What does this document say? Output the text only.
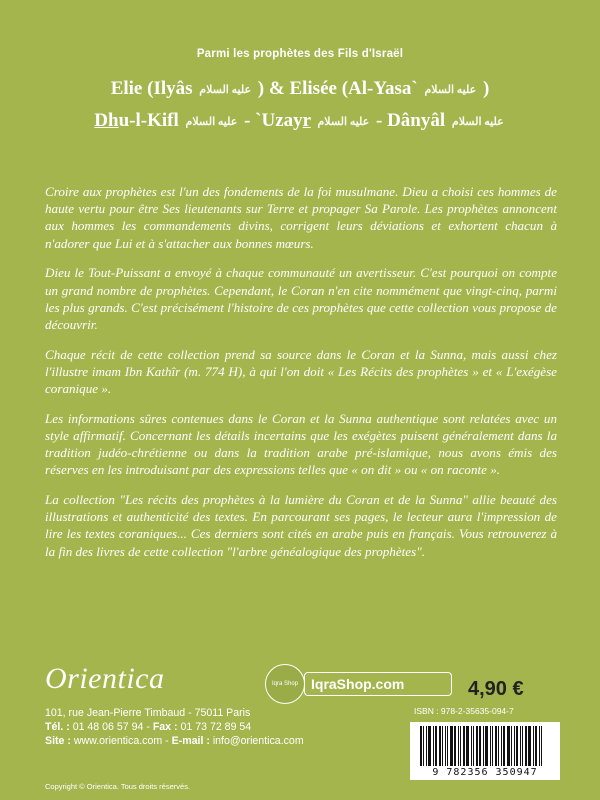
Parmi les prophètes des Fils d'Israël
Elie (Ilyâs عليه السلام ) & Elisée (Al-Yasa` عليه السلام )
Dhu-l-Kifl عليه السلام - `Uzayr عليه السلام - Dânyâl عليه السلام

Croire aux prophètes est l'un des fondements de la foi musulmane. Dieu a choisi ces hommes de haute vertu pour être Ses lieutenants sur Terre et propager Sa Parole. Les prophètes annoncent aux hommes les commandements divins, corrigent leurs déviations et exhortent chacun à n'adorer que Lui et à s'attacher aux bonnes mœurs.

Dieu le Tout-Puissant a envoyé à chaque communauté un avertisseur. C'est pourquoi on compte un grand nombre de prophètes. Cependant, le Coran n'en cite nommément que vingt-cinq, parmi les plus grands. C'est précisément l'histoire de ces prophètes que cette collection vous propose de découvrir.

Chaque récit de cette collection prend sa source dans le Coran et la Sunna, mais aussi chez l'illustre imam Ibn Kathîr (m. 774 H), à qui l'on doit « Les Récits des prophètes » et « L'exégèse coranique ».

Les informations sûres contenues dans le Coran et la Sunna authentique sont relatées avec un style affirmatif. Concernant les détails incertains que les exégètes puisent généralement dans la tradition judéo-chrétienne ou dans la tradition arabe pré-islamique, nous avons émis des réserves en les introduisant par des expressions telles que « on dit » ou « on raconte ».

La collection "Les récits des prophètes à la lumière du Coran et de la Sunna" allie beauté des illustrations et authenticité des textes. En parcourant ses pages, le lecteur aura l'impression de lire les textes coraniques... Ces derniers sont cités en arabe puis en français. Vous retrouverez à la fin des livres de cette collection "l'arbre généalogique des prophètes".

Orientica	Iqra Shop IqraShop.com	4,90 €
101, rue Jean-Pierre Timbaud - 75011 Paris
Tél. : 01 48 06 57 94 - Fax : 01 73 72 89 54
Site : www.orientica.com - E-mail : info@orientica.com
Copyright © Orientica. Tous droits réservés.
ISBN : 978-2-35635-094-7
9 782356 350947
